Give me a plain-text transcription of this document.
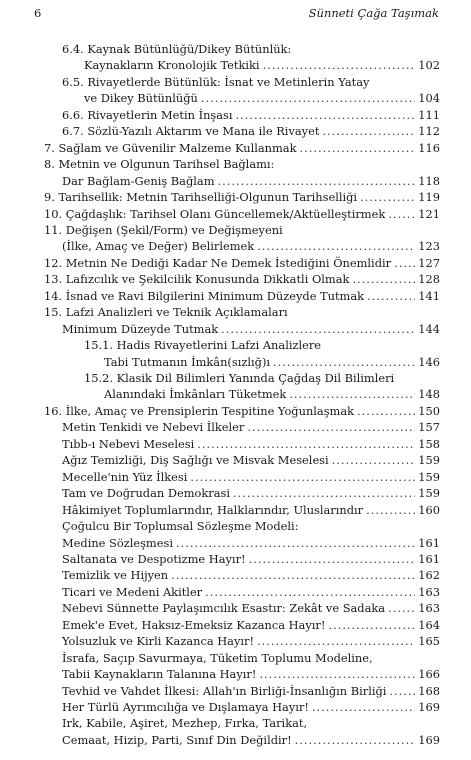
6	Sünneti Çağa Taşımak
6.4. Kaynak Bütünlüğü/Dikey Bütünlük:
Kaynakların Kronolojik Tetkiki .....	102
6.5. Rivayetlerde Bütünlük: İsnat ve Metinlerin Yatay
ve Dikey Bütünlüğü .....	104
6.6. Rivayetlerin Metin İnşası .....	111
6.7. Sözlü-Yazılı Aktarım ve Mana ile Rivayet .....	112
7. Sağlam ve Güvenilir Malzeme Kullanmak .....	116
8. Metnin ve Olgunun Tarihsel Bağlamı:
Dar Bağlam-Geniş Bağlam .....	118
9. Tarihsellik: Metnin Tarihselliği-Olgunun Tarihselliği .....	119
10. Çağdaşlık: Tarihsel Olanı Güncellemek/Aktüelleştirmek .....	121
11. Değişen (Şekil/Form) ve Değişmeyeni
(İlke, Amaç ve Değer) Belirlemek .....	123
12. Metnin Ne Dediği Kadar Ne Demek İstediğini Önemlidir ..... 127
13. Lafızcılık ve Şekilcilik Konusunda Dikkatli Olmak .....	128
14. İsnad ve Ravi Bilgilerini Minimum Düzeyde Tutmak .....	141
15. Lafzi Analizleri ve Teknik Açıklamaları
Minimum Düzeyde Tutmak .....	144
15.1. Hadis Rivayetlerini Lafzi Analizlere
Tabi Tutmanın İmkân(sızlığ)ı .....	146
15.2. Klasik Dil Bilimleri Yanında Çağdaş Dil Bilimleri
Alanındaki İmkânları Tüketmek .....	148
16. İlke, Amaç ve Prensiplerin Tespitine Yoğunlaşmak .....	150
Metin Tenkidi ve Nebevi İlkeler .....	157
Tıbb-ı Nebevi Meselesi .....	158
Ağız Temizliği, Diş Sağlığı ve Misvak Meselesi .....	159
Mecelle'nin Yüz İlkesi .....	159
Tam ve Doğrudan Demokrasi .....	159
Hâkimiyet Toplumlarındır, Halklarındır, Uluslarındır .....	160
Çoğulcu Bir Toplumsal Sözleşme Modeli:
Medine Sözleşmesi .....	161
Saltanata ve Despotizme Hayır! .....	161
Temizlik ve Hijyen .....	162
Ticari ve Medeni Akitler .....	163
Nebevi Sünnette Paylaşımcılık Esastır: Zekât ve Sadaka .....	163
Emek'e Evet, Haksız-Emeksiz Kazanca Hayır! .....	164
Yolsuzluk ve Kirli Kazanca Hayır! .....	165
İsrafa, Saçıp Savurmaya, Tüketim Toplumu Modeline,
Tabii Kaynakların Talanına Hayır! .....	166
Tevhid ve Vahdet İlkesi: Allah'ın Birliği-İnsanlığın Birliği .....	168
Her Türlü Ayrımcılığa ve Dışlamaya Hayır! .....	169
Irk, Kabile, Aşiret, Mezhep, Fırka, Tarikat,
Cemaat, Hizip, Parti, Sınıf Din Değildir! .....	169
